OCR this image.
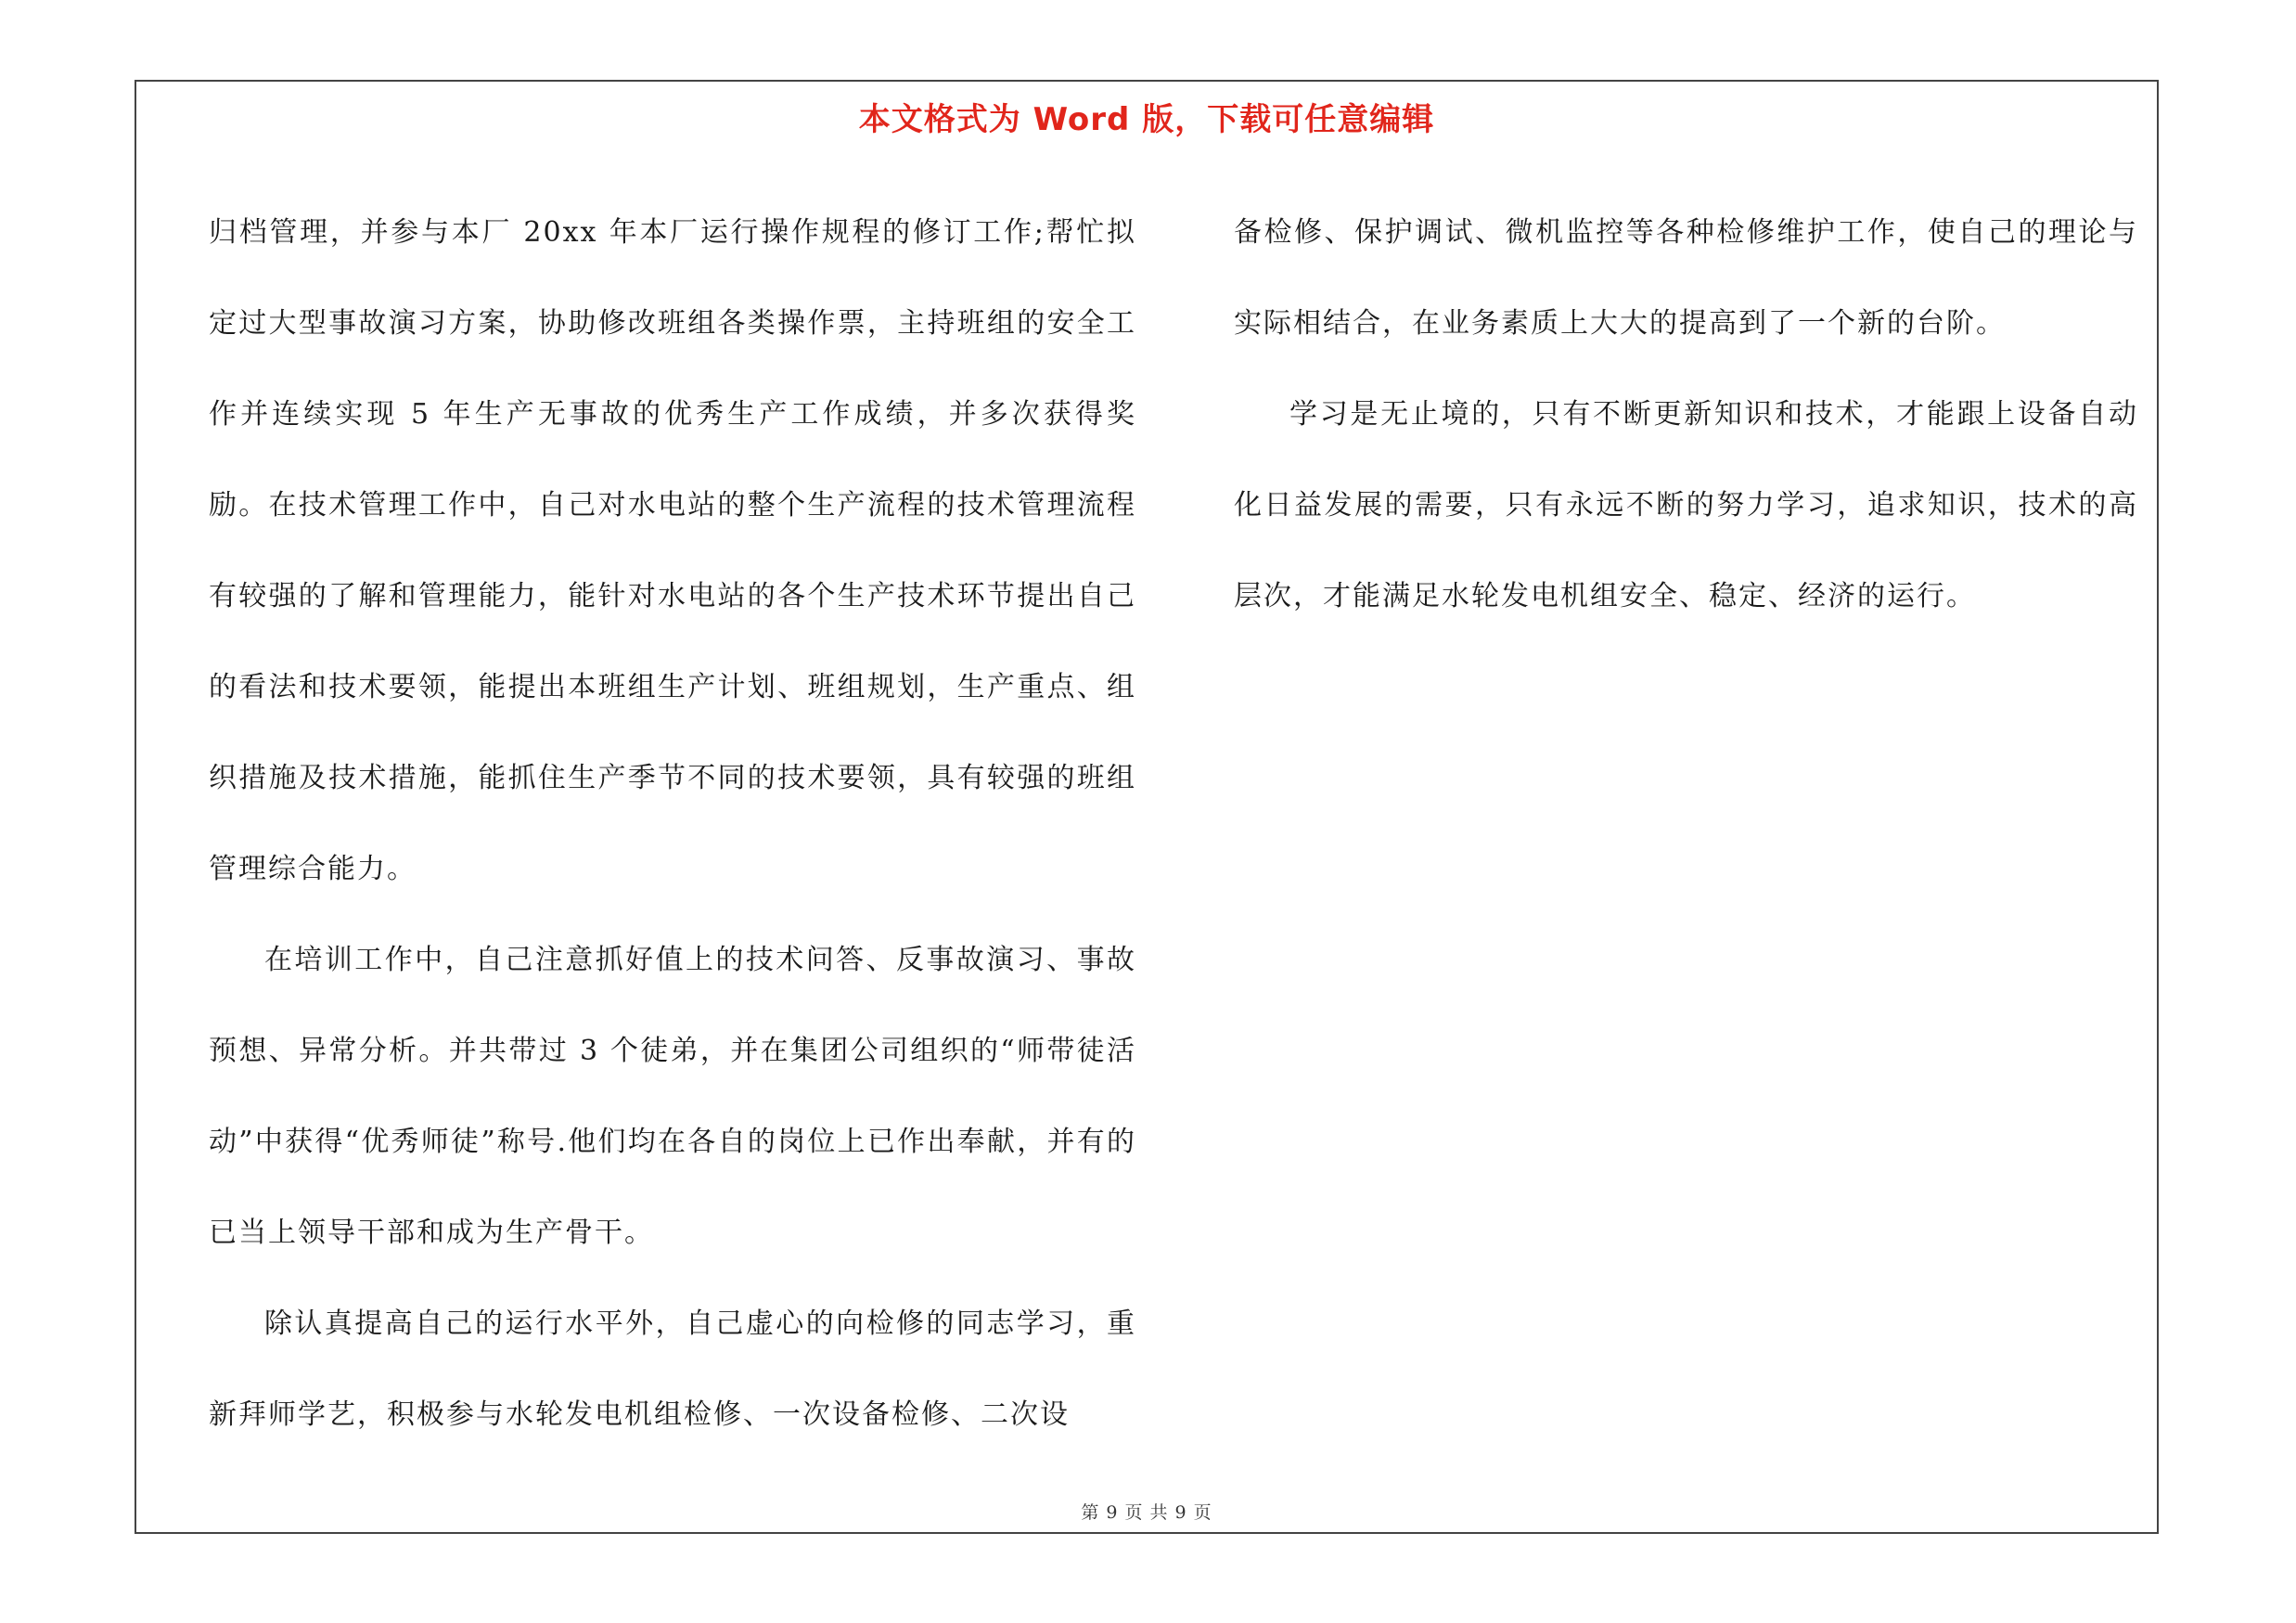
本文格式为 Word 版，下载可任意编辑

归档管理，并参与本厂 20xx 年本厂运行操作规程的修订工作;帮忙拟定过大型事故演习方案，协助修改班组各类操作票，主持班组的安全工作并连续实现 5 年生产无事故的优秀生产工作成绩，并多次获得奖励。在技术管理工作中，自己对水电站的整个生产流程的技术管理流程有较强的了解和管理能力，能针对水电站的各个生产技术环节提出自己的看法和技术要领，能提出本班组生产计划、班组规划，生产重点、组织措施及技术措施，能抓住生产季节不同的技术要领，具有较强的班组管理综合能力。

在培训工作中，自己注意抓好值上的技术问答、反事故演习、事故预想、异常分析。并共带过 3 个徒弟，并在集团公司组织的“师带徒活动”中获得“优秀师徒”称号.他们均在各自的岗位上已作出奉献，并有的已当上领导干部和成为生产骨干。

除认真提高自己的运行水平外，自己虚心的向检修的同志学习，重新拜师学艺，积极参与水轮发电机组检修、一次设备检修、二次设

备检修、保护调试、微机监控等各种检修维护工作，使自己的理论与实际相结合，在业务素质上大大的提高到了一个新的台阶。

学习是无止境的，只有不断更新知识和技术，才能跟上设备自动化日益发展的需要，只有永远不断的努力学习，追求知识，技术的高层次，才能满足水轮发电机组安全、稳定、经济的运行。

第 9 页 共 9 页
